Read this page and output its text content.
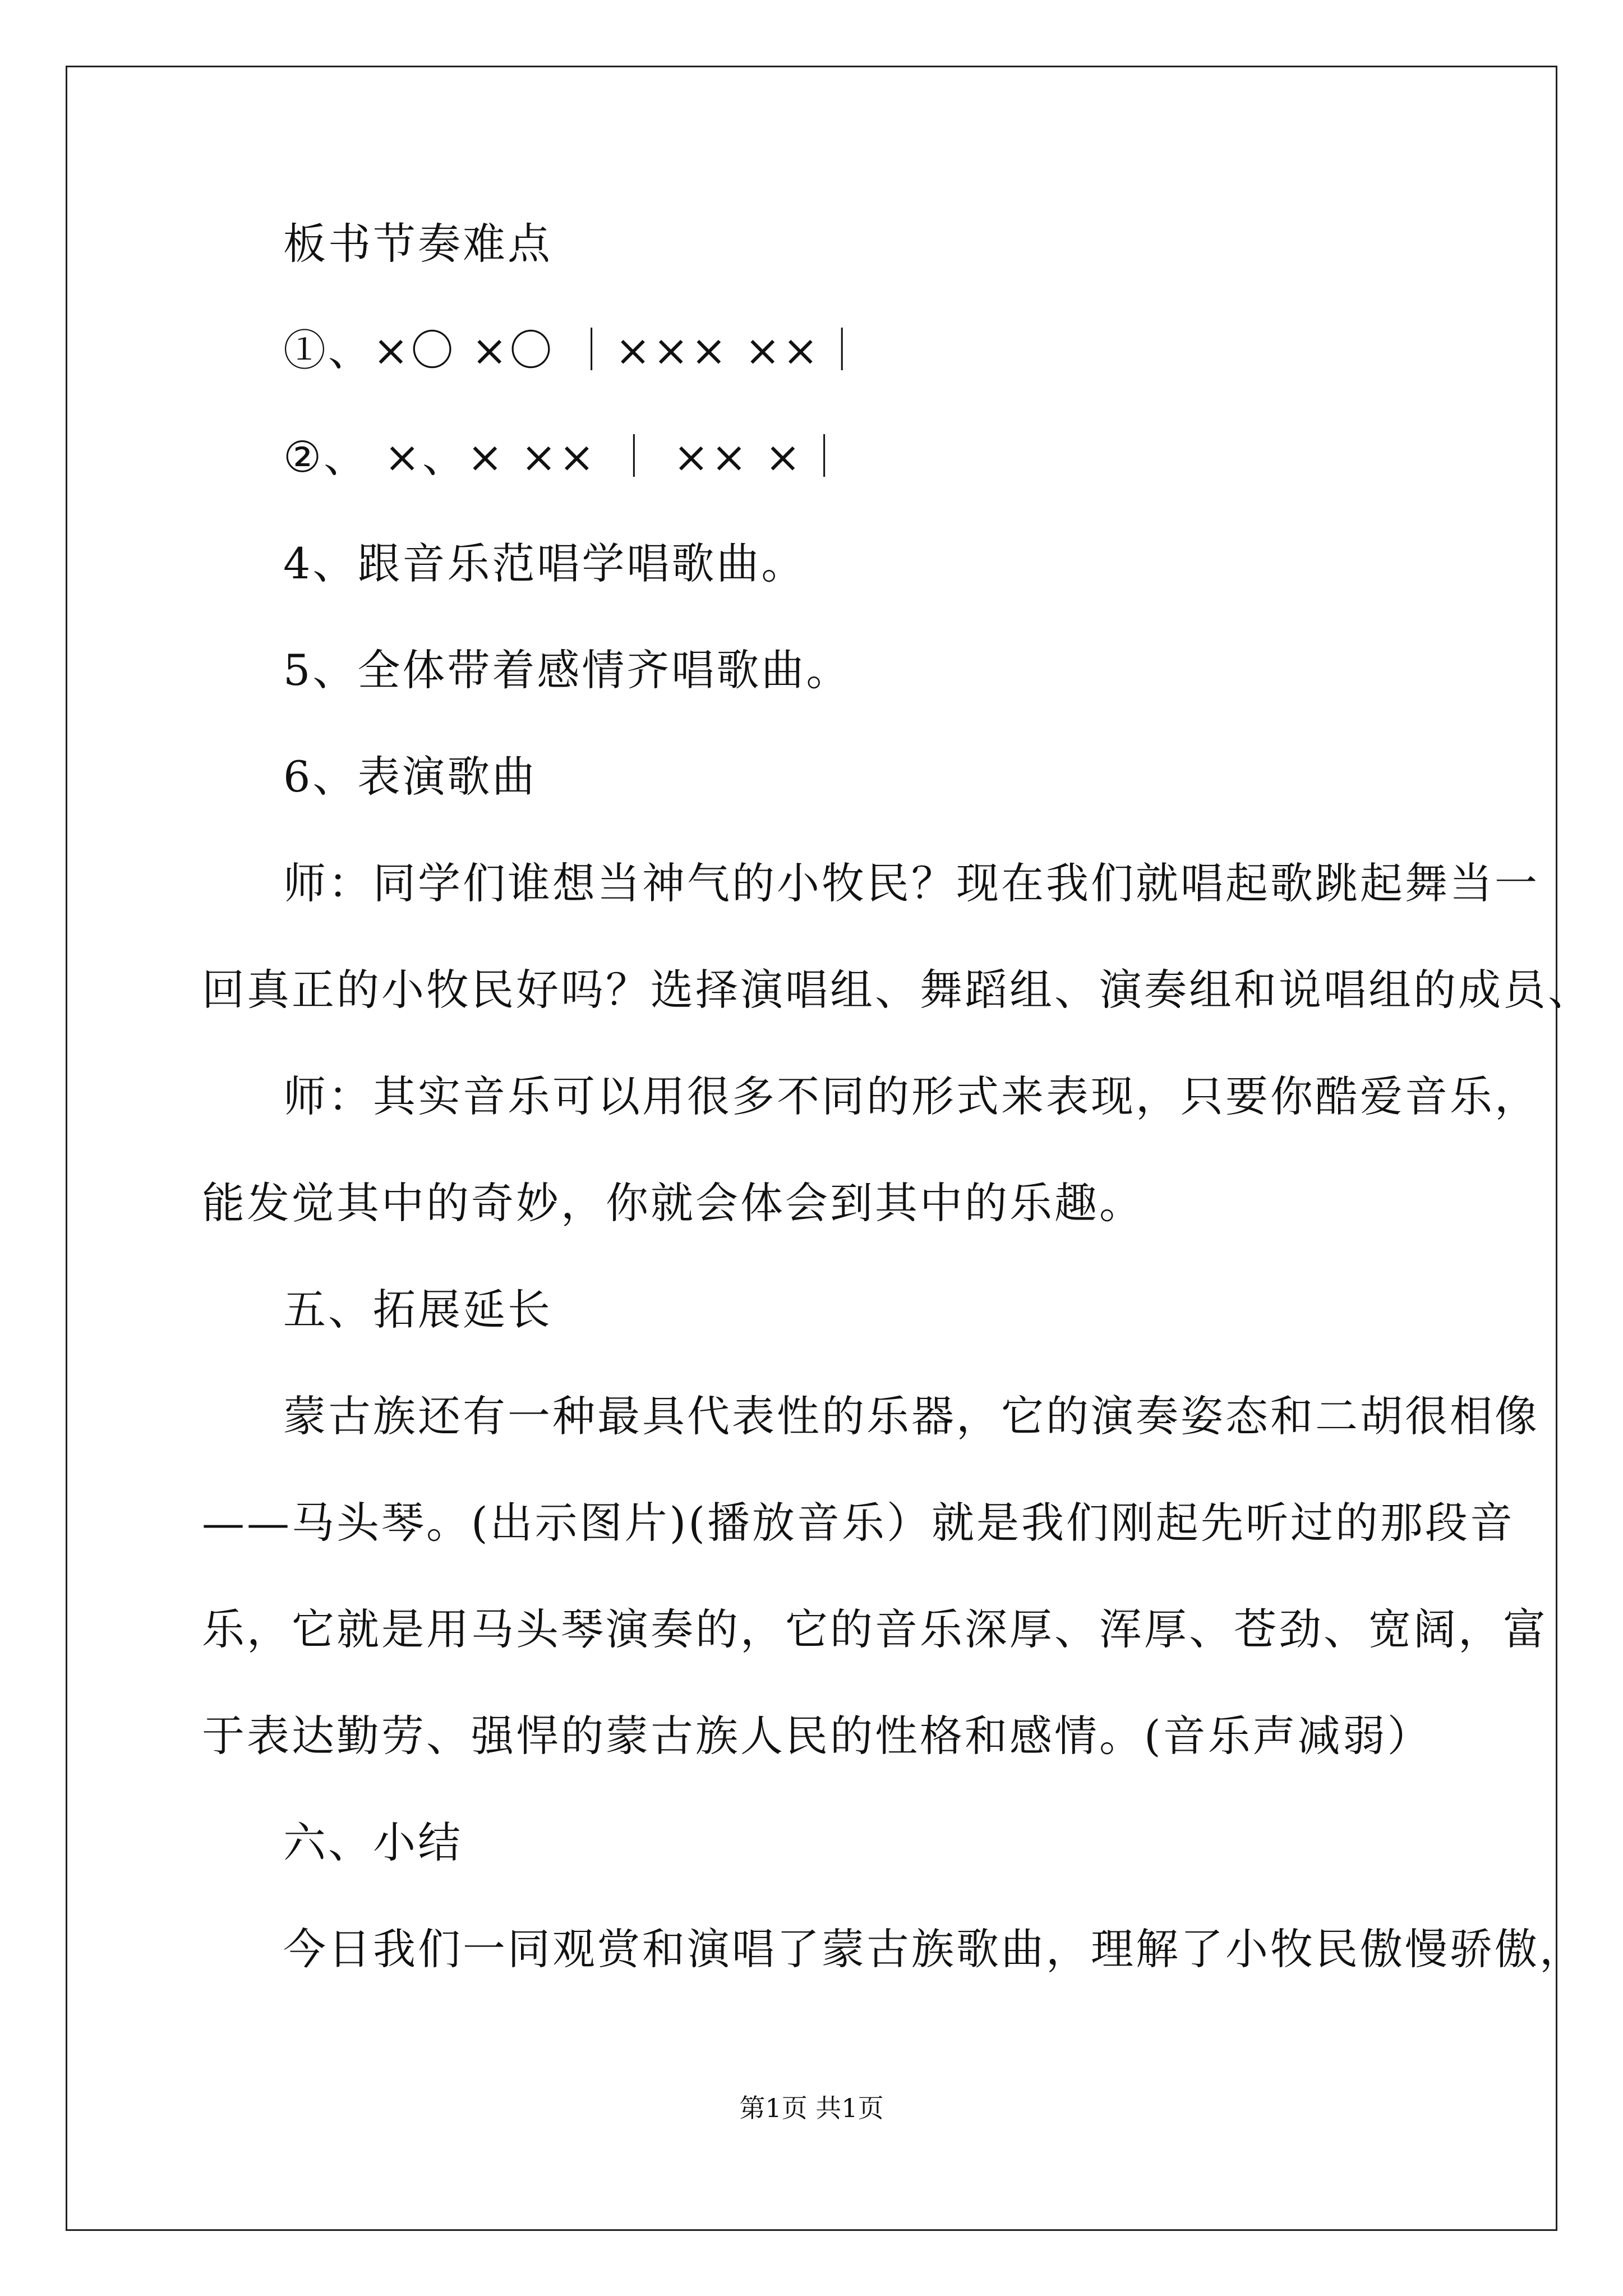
板书节奏难点
①、×〇 ×〇 ｜××× ××｜
②、 ×、× ×× ｜ ×× ×｜
4、跟音乐范唱学唱歌曲。
5、全体带着感情齐唱歌曲。
6、表演歌曲
师：同学们谁想当神气的小牧民？现在我们就唱起歌跳起舞当一
回真正的小牧民好吗？选择演唱组、舞蹈组、演奏组和说唱组的成员、
师：其实音乐可以用很多不同的形式来表现，只要你酷爱音乐，
能发觉其中的奇妙，你就会体会到其中的乐趣。
五、拓展延长
蒙古族还有一种最具代表性的乐器，它的演奏姿态和二胡很相像
——马头琴。(出示图片)(播放音乐）就是我们刚起先听过的那段音
乐，它就是用马头琴演奏的，它的音乐深厚、浑厚、苍劲、宽阔，富
于表达勤劳、强悍的蒙古族人民的性格和感情。(音乐声减弱）
六、小结
今日我们一同观赏和演唱了蒙古族歌曲，理解了小牧民傲慢骄傲，
第1页 共1页
